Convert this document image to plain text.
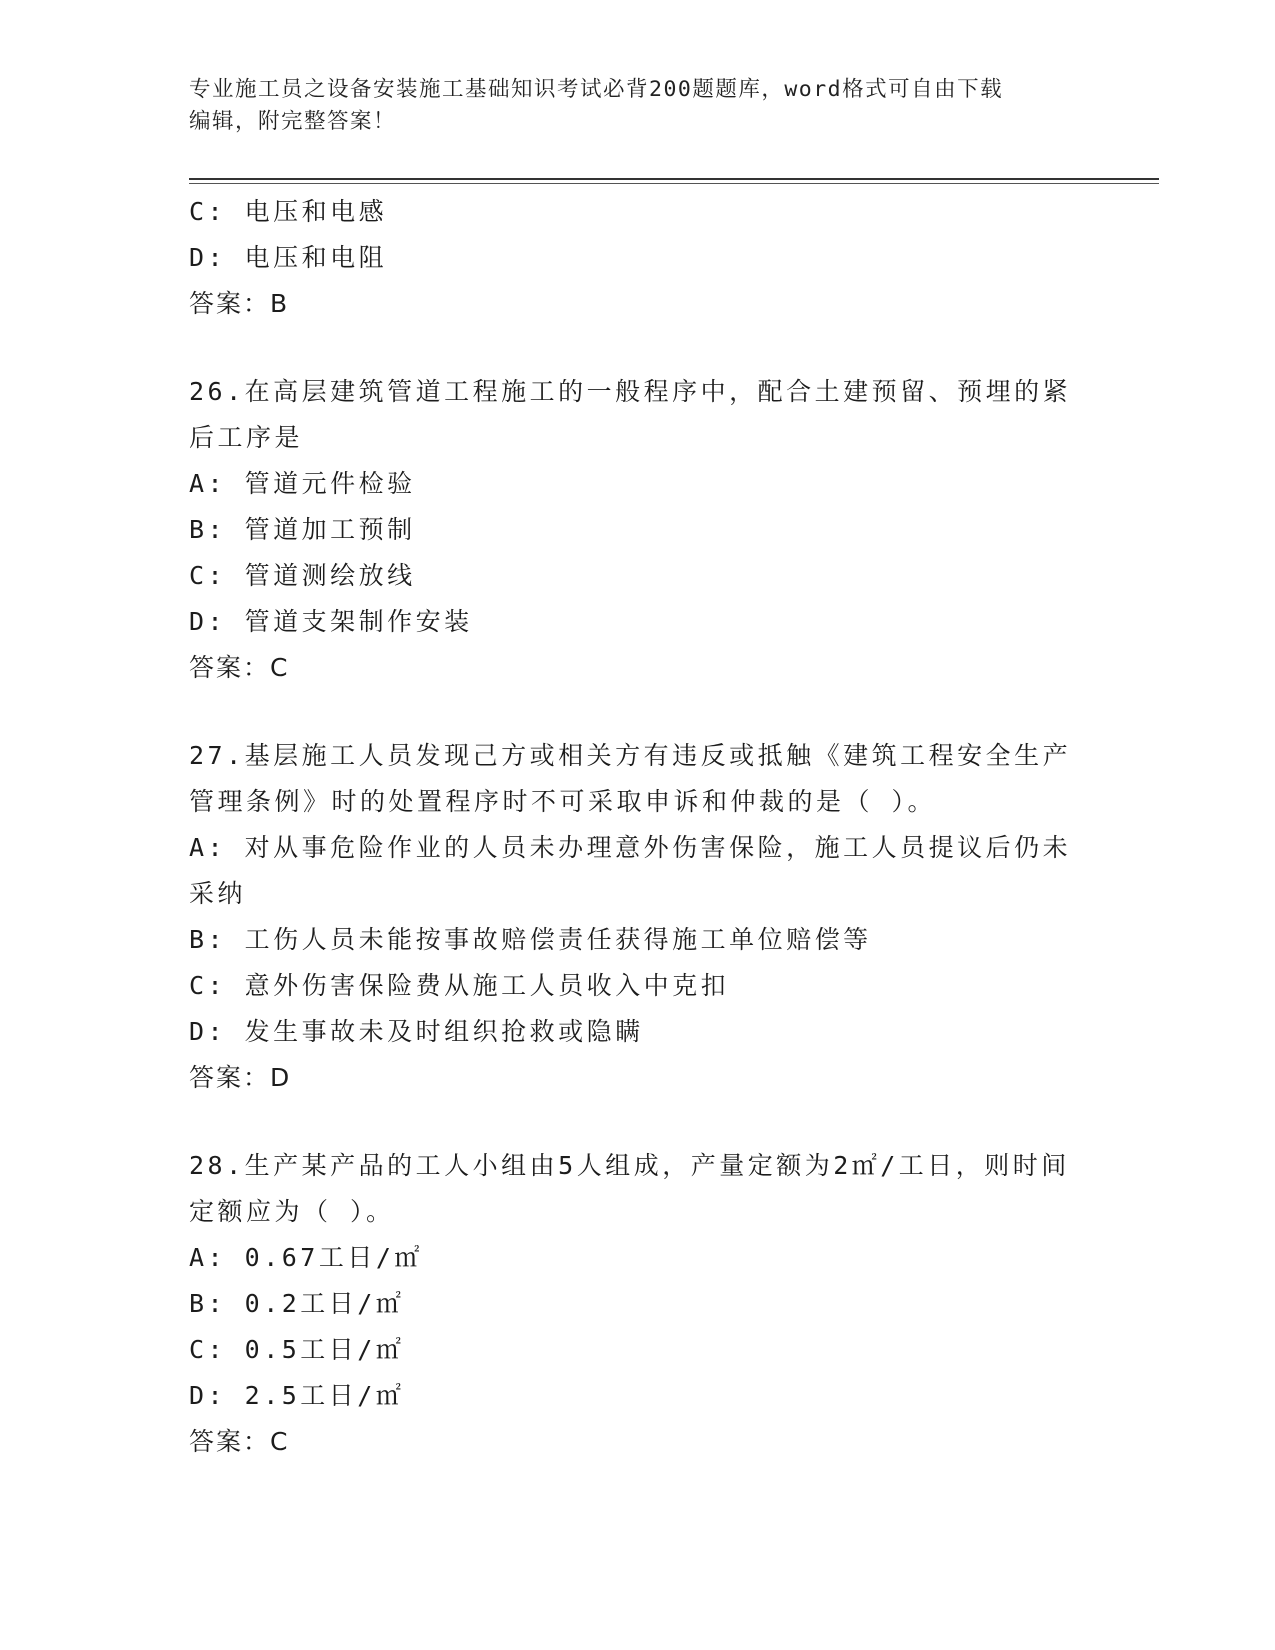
专业施工员之设备安装施工基础知识考试必背200题题库，word格式可自由下载
编辑，附完整答案！
C: 电压和电感
D: 电压和电阻
答案：B
26.在高层建筑管道工程施工的一般程序中，配合土建预留、预埋的紧
后工序是
A: 管道元件检验
B: 管道加工预制
C: 管道测绘放线
D: 管道支架制作安装
答案：C
27.基层施工人员发现己方或相关方有违反或抵触《建筑工程安全生产
管理条例》时的处置程序时不可采取申诉和仲裁的是（ ）。
A: 对从事危险作业的人员未办理意外伤害保险，施工人员提议后仍未
采纳
B: 工伤人员未能按事故赔偿责任获得施工单位赔偿等
C: 意外伤害保险费从施工人员收入中克扣
D: 发生事故未及时组织抢救或隐瞒
答案：D
28.生产某产品的工人小组由5人组成，产量定额为2㎡/工日，则时间
定额应为（ ）。
A: 0.67工日/㎡
B: 0.2工日/㎡
C: 0.5工日/㎡
D: 2.5工日/㎡
答案：C
